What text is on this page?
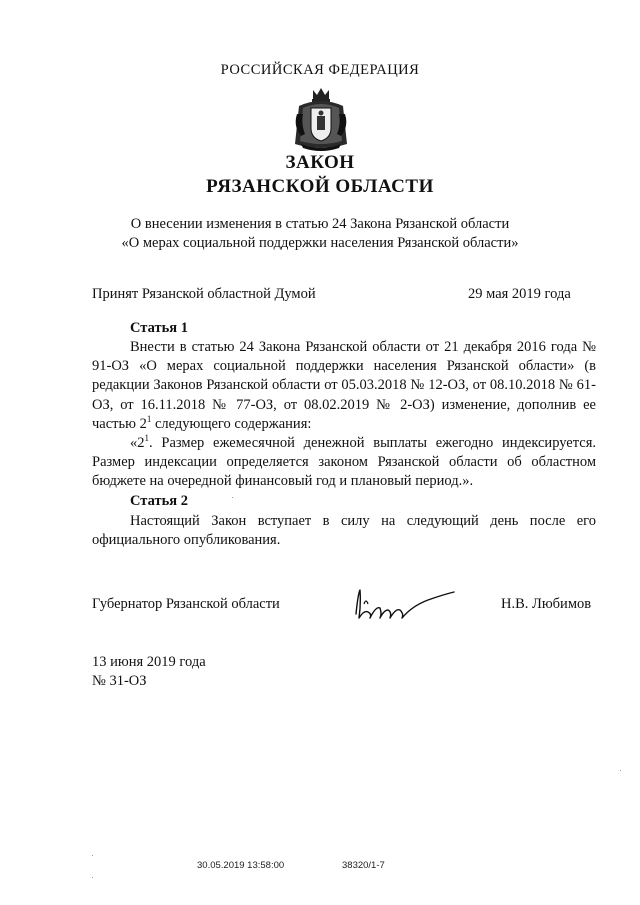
РОССИЙСКАЯ ФЕДЕРАЦИЯ
ЗАКОН
РЯЗАНСКОЙ ОБЛАСТИ
О внесении изменения в статью 24 Закона Рязанской области
«О мерах социальной поддержки населения Рязанской области»
Принят Рязанской областной Думой	29 мая 2019 года
Статья 1

Внести в статью 24 Закона Рязанской области от 21 декабря 2016 года № 91-ОЗ «О мерах социальной поддержки населения Рязанской области» (в редакции Законов Рязанской области от 05.03.2018 № 12-ОЗ, от 08.10.2018 № 61-ОЗ, от 16.11.2018 № 77-ОЗ, от 08.02.2019 № 2-ОЗ) изменение, дополнив ее частью $2^1$ следующего содержания:

«$2^1$. Размер ежемесячной денежной выплаты ежегодно индексируется. Размер индексации определяется законом Рязанской области об областном бюджете на очередной финансовый год и плановый период.».

Статья 2

Настоящий Закон вступает в силу на следующий день после его официального опубликования.

Губернатор Рязанской области	Н.В. Любимов
13 июня 2019 года
№ 31-ОЗ
30.05.2019 13:58:00	38320/1-7
